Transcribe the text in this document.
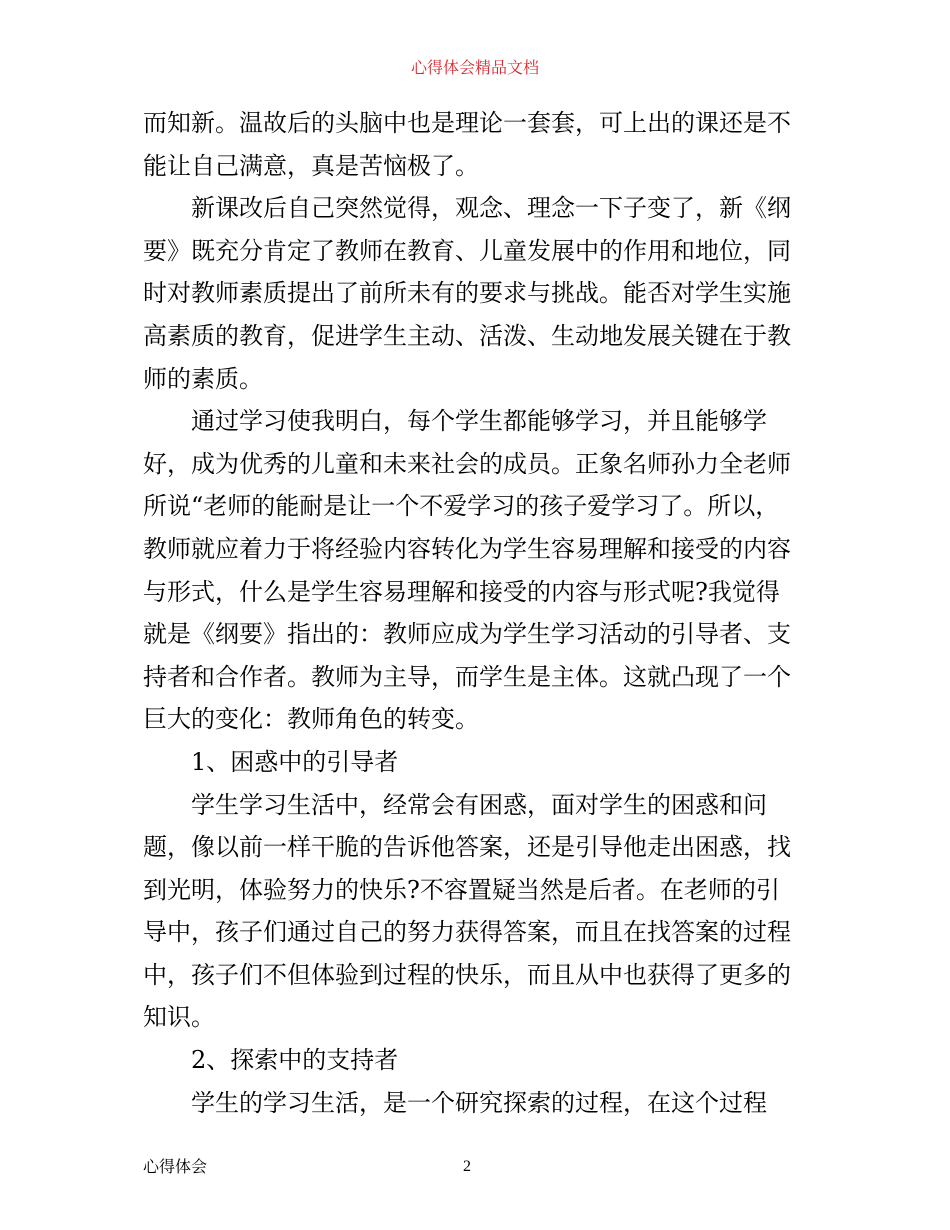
心得体会精品文档
而知新。温故后的头脑中也是理论一套套，可上出的课还是不
能让自己满意，真是苦恼极了。
新课改后自己突然觉得，观念、理念一下子变了，新《纲
要》既充分肯定了教师在教育、儿童发展中的作用和地位，同
时对教师素质提出了前所未有的要求与挑战。能否对学生实施
高素质的教育，促进学生主动、活泼、生动地发展关键在于教
师的素质。
通过学习使我明白，每个学生都能够学习，并且能够学
好，成为优秀的儿童和未来社会的成员。正象名师孙力全老师
所说“老师的能耐是让一个不爱学习的孩子爱学习了。所以，
教师就应着力于将经验内容转化为学生容易理解和接受的内容
与形式，什么是学生容易理解和接受的内容与形式呢?我觉得
就是《纲要》指出的：教师应成为学生学习活动的引导者、支
持者和合作者。教师为主导，而学生是主体。这就凸现了一个
巨大的变化：教师角色的转变。
1、困惑中的引导者
学生学习生活中，经常会有困惑，面对学生的困惑和问
题，像以前一样干脆的告诉他答案，还是引导他走出困惑，找
到光明，体验努力的快乐?不容置疑当然是后者。在老师的引
导中，孩子们通过自己的努力获得答案，而且在找答案的过程
中，孩子们不但体验到过程的快乐，而且从中也获得了更多的
知识。
2、探索中的支持者
学生的学习生活，是一个研究探索的过程，在这个过程
心得体会	2
